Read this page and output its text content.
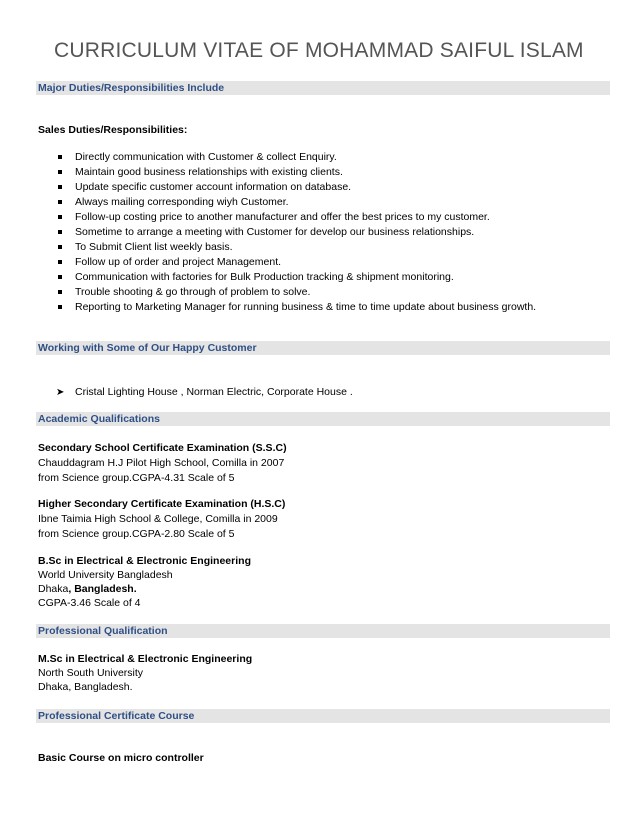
CURRICULUM VITAE OF MOHAMMAD SAIFUL ISLAM
Major Duties/Responsibilities Include
Sales Duties/Responsibilities:
Directly communication with Customer & collect Enquiry.
Maintain good business relationships with existing clients.
Update specific customer account information on database.
Always mailing corresponding wiyh Customer.
Follow-up costing price to another manufacturer and offer the best prices to my customer.
Sometime to arrange a meeting with Customer for develop our business relationships.
To Submit Client list weekly basis.
Follow up of order and project Management.
Communication with factories for Bulk Production tracking & shipment monitoring.
Trouble shooting & go through of problem to solve.
Reporting to Marketing Manager for running business & time to time update about business growth.
Working with Some of Our Happy Customer
➤ Cristal Lighting House , Norman Electric, Corporate House .
Academic Qualifications
Secondary School Certificate Examination (S.S.C)
Chauddagram H.J Pilot High School, Comilla in 2007
from Science group.CGPA-4.31 Scale of 5
Higher Secondary Certificate Examination (H.S.C)
Ibne Taimia High School & College, Comilla in 2009
from Science group.CGPA-2.80 Scale of 5
B.Sc in Electrical & Electronic Engineering
World University Bangladesh
Dhaka, Bangladesh.
CGPA-3.46 Scale of 4
Professional Qualification
M.Sc in Electrical & Electronic Engineering
North South University
Dhaka, Bangladesh.
Professional Certificate Course
Basic Course on micro controller
